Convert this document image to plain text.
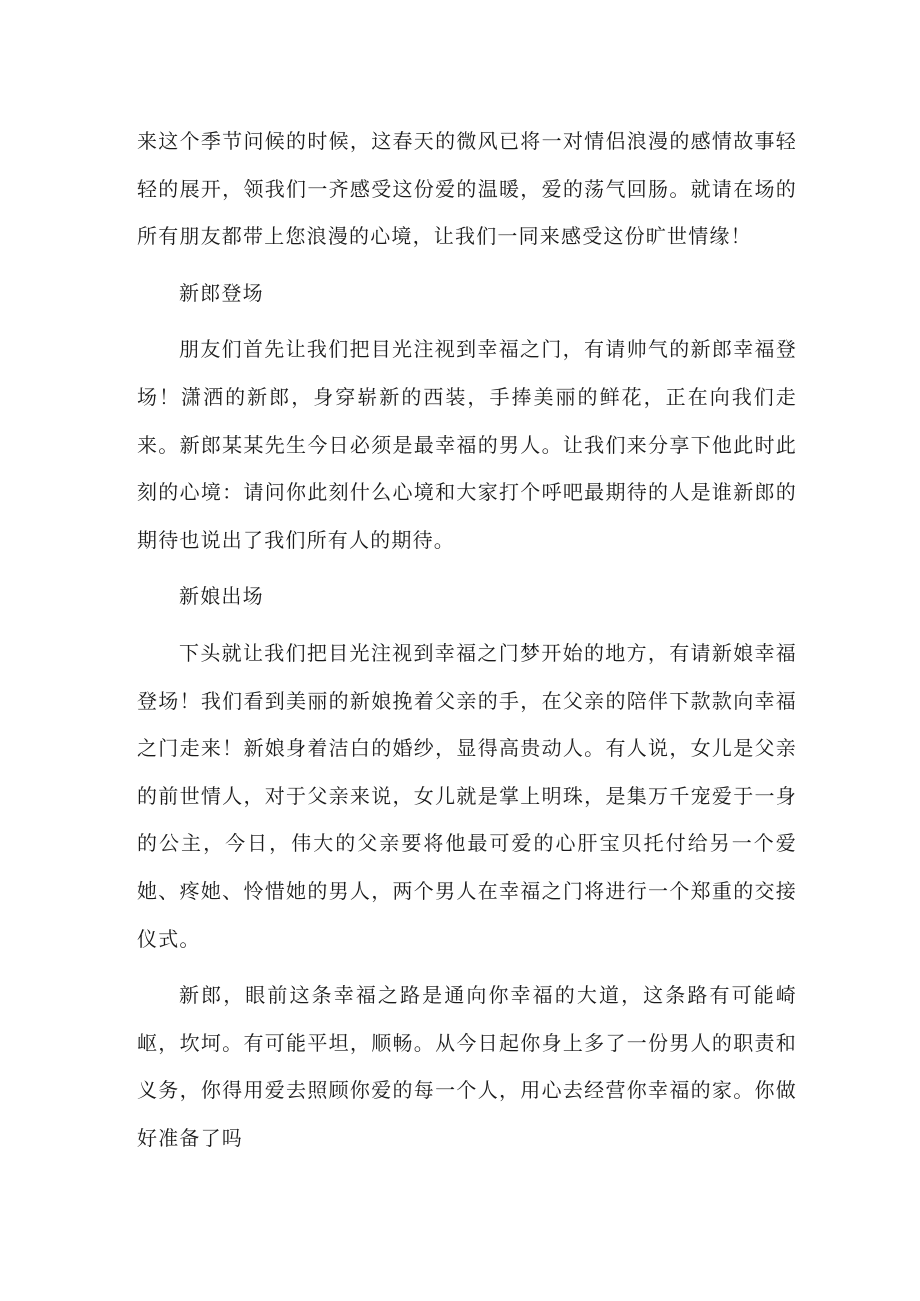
来这个季节问候的时候，这春天的微风已将一对情侣浪漫的感情故事轻轻的展开，领我们一齐感受这份爱的温暖，爱的荡气回肠。就请在场的所有朋友都带上您浪漫的心境，让我们一同来感受这份旷世情缘！

新郎登场

朋友们首先让我们把目光注视到幸福之门，有请帅气的新郎幸福登场！潇洒的新郎，身穿崭新的西装，手捧美丽的鲜花，正在向我们走来。新郎某某先生今日必须是最幸福的男人。让我们来分享下他此时此刻的心境：请问你此刻什么心境和大家打个呼吧最期待的人是谁新郎的期待也说出了我们所有人的期待。

新娘出场

下头就让我们把目光注视到幸福之门梦开始的地方，有请新娘幸福登场！我们看到美丽的新娘挽着父亲的手，在父亲的陪伴下款款向幸福之门走来！新娘身着洁白的婚纱，显得高贵动人。有人说，女儿是父亲的前世情人，对于父亲来说，女儿就是掌上明珠，是集万千宠爱于一身的公主，今日，伟大的父亲要将他最可爱的心肝宝贝托付给另一个爱她、疼她、怜惜她的男人，两个男人在幸福之门将进行一个郑重的交接仪式。

新郎，眼前这条幸福之路是通向你幸福的大道，这条路有可能崎岖，坎坷。有可能平坦，顺畅。从今日起你身上多了一份男人的职责和义务，你得用爱去照顾你爱的每一个人，用心去经营你幸福的家。你做好准备了吗
